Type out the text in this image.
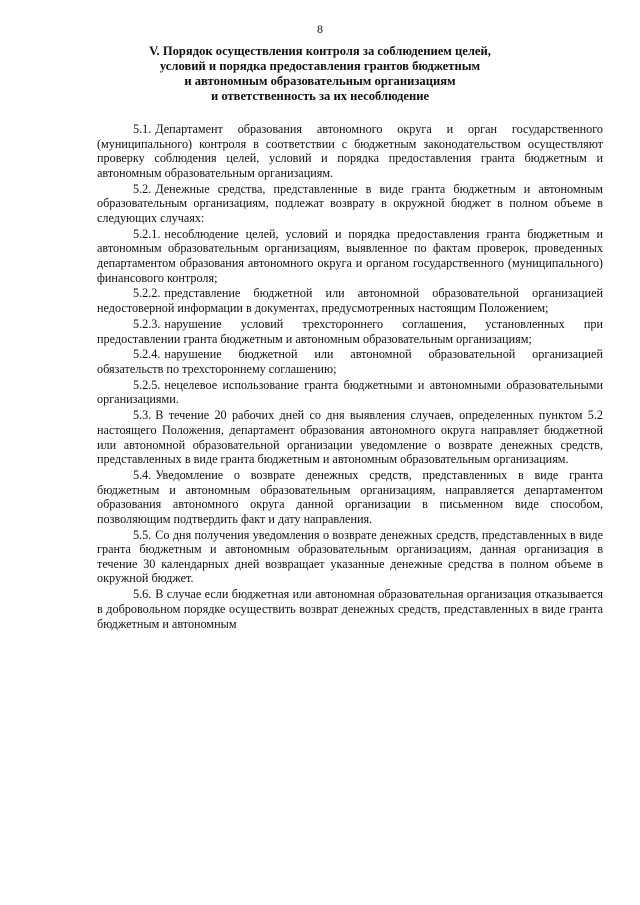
8
V. Порядок осуществления контроля за соблюдением целей,
условий и порядка предоставления грантов бюджетным
и автономным образовательным организациям
и ответственность за их несоблюдение

5.1. Департамент образования автономного округа и орган государственного (муниципального) контроля в соответствии с бюджетным законодательством осуществляют проверку соблюдения целей, условий и порядка предоставления гранта бюджетным и автономным образовательным организациям.

5.2. Денежные средства, представленные в виде гранта бюджетным и автономным образовательным организациям, подлежат возврату в окружной бюджет в полном объеме в следующих случаях:

5.2.1. несоблюдение целей, условий и порядка предоставления гранта бюджетным и автономным образовательным организациям, выявленное по фактам проверок, проведенных департаментом образования автономного округа и органом государственного (муниципального) финансового контроля;

5.2.2. представление бюджетной или автономной образовательной организацией недостоверной информации в документах, предусмотренных настоящим Положением;

5.2.3. нарушение условий трехстороннего соглашения, установленных при предоставлении гранта бюджетным и автономным образовательным организациям;

5.2.4. нарушение бюджетной или автономной образовательной организацией обязательств по трехстороннему соглашению;

5.2.5. нецелевое использование гранта бюджетными и автономными образовательными организациями.

5.3. В течение 20 рабочих дней со дня выявления случаев, определенных пунктом 5.2 настоящего Положения, департамент образования автономного округа направляет бюджетной или автономной образовательной организации уведомление о возврате денежных средств, представленных в виде гранта бюджетным и автономным образовательным организациям.

5.4. Уведомление о возврате денежных средств, представленных в виде гранта бюджетным и автономным образовательным организациям, направляется департаментом образования автономного округа данной организации в письменном виде способом, позволяющим подтвердить факт и дату направления.

5.5. Со дня получения уведомления о возврате денежных средств, представленных в виде гранта бюджетным и автономным образовательным организациям, данная организация в течение 30 календарных дней возвращает указанные денежные средства в полном объеме в окружной бюджет.

5.6. В случае если бюджетная или автономная образовательная организация отказывается в добровольном порядке осуществить возврат денежных средств, представленных в виде гранта бюджетным и автономным
